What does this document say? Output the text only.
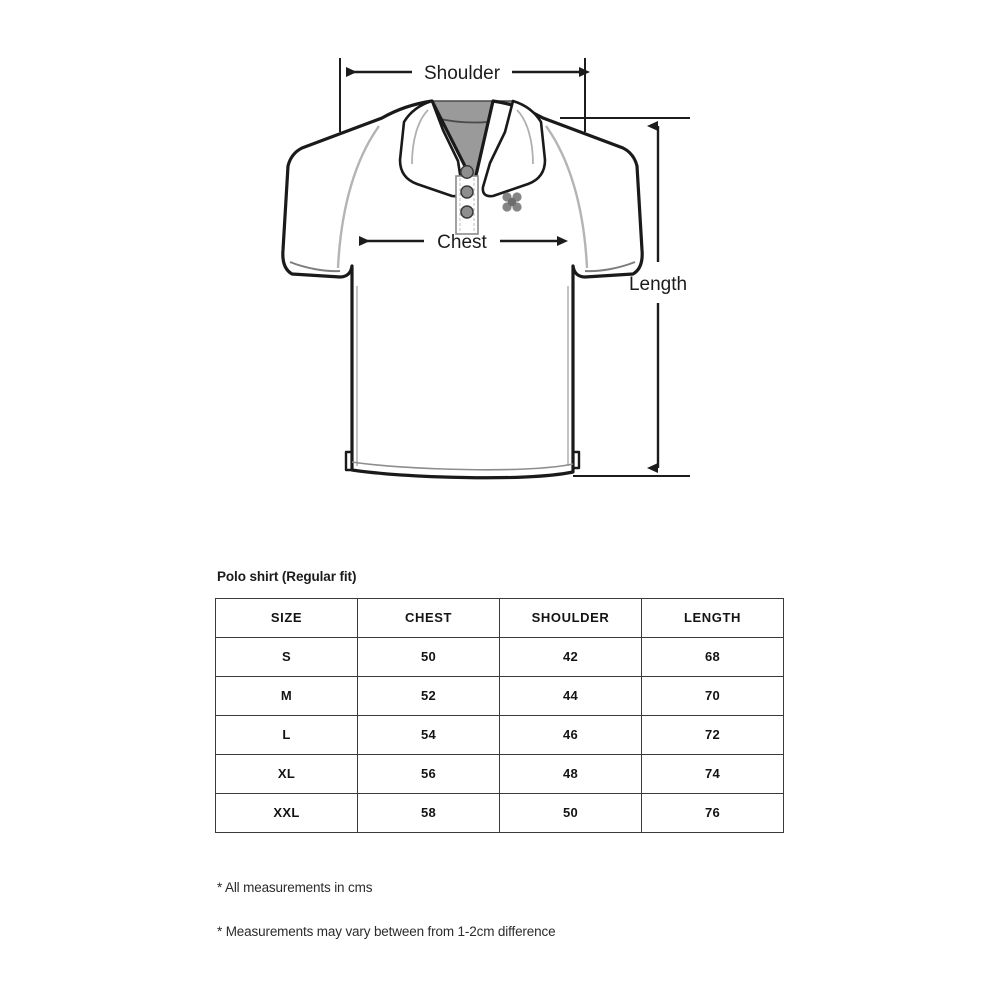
Shoulder
Chest
Length
Polo shirt (Regular fit)
SIZE	CHEST	SHOULDER	LENGTH
S	50	42	68
M	52	44	70
L	54	46	72
XL	56	48	74
XXL	58	50	76

* All measurements in cms

* Measurements may vary between from 1-2cm difference
